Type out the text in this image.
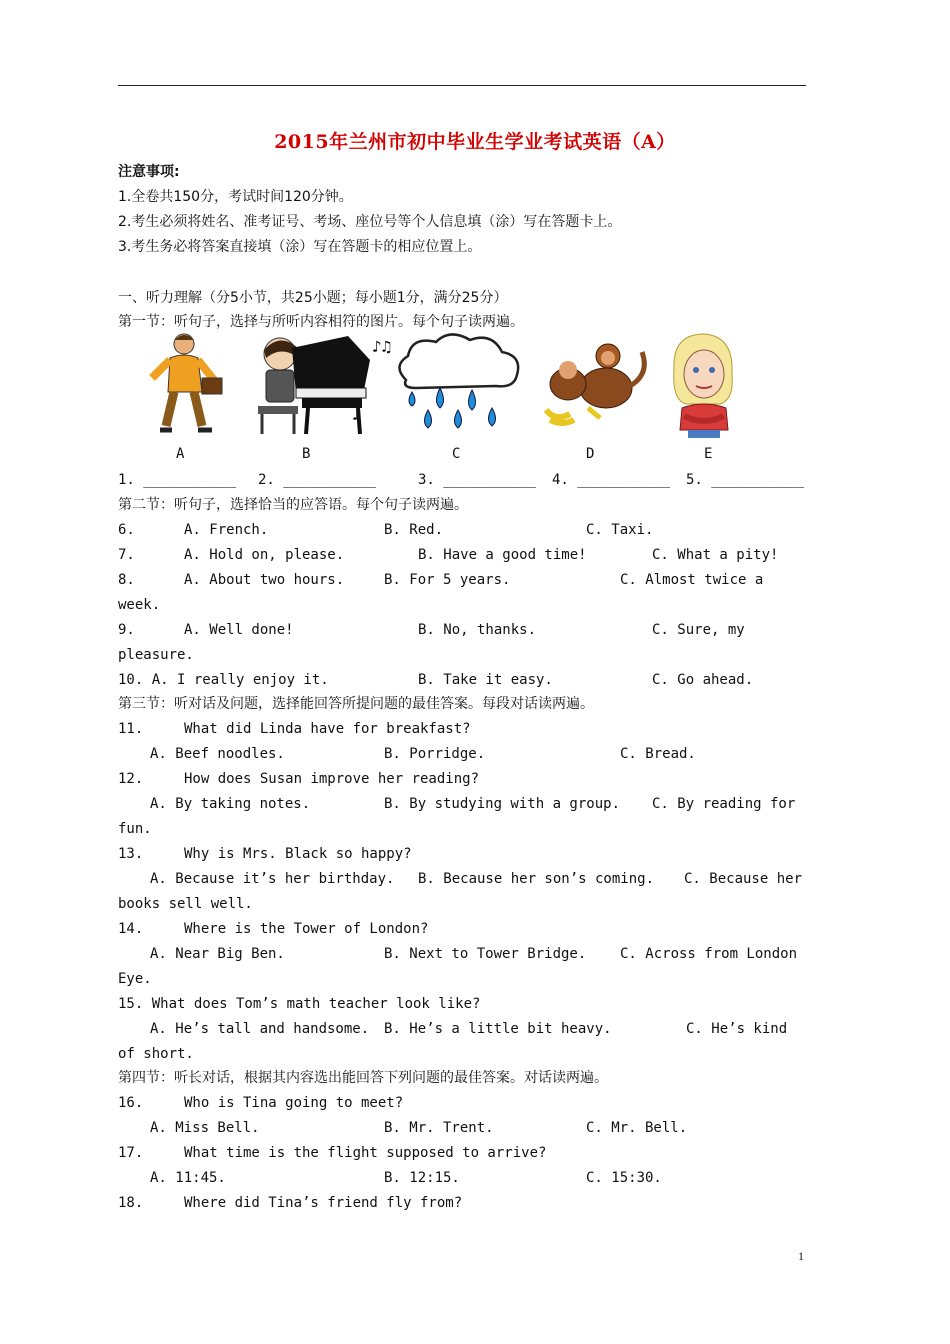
2015年兰州市初中毕业生学业考试英语（A）
注意事项:
1.全卷共150分，考试时间120分钟。
2.考生必须将姓名、准考证号、考场、座位号等个人信息填（涂）写在答题卡上。
3.考生务必将答案直接填（涂）写在答题卡的相应位置上。
一、听力理解（分5小节，共25小题；每小题1分，满分25分）
第一节：听句子，选择与所听内容相符的图片。每个句子读两遍。
♪♫
♪
A	B	C	D	E
1. ___________ 2. ___________	3. ___________ 4. ___________ 5. ___________
第二节：听句子，选择恰当的应答语。每个句子读两遍。
6.	A. French.	B. Red.	C. Taxi.
7.	A. Hold on, please.	B. Have a good time!	C. What a pity!
8.	A. About two hours.	B. For 5 years.	C. Almost twice a
week.
9.	A. Well done!	B. No, thanks.	C. Sure, my
pleasure.
10. A. I really enjoy it.	B. Take it easy.	C. Go ahead.
第三节：听对话及问题，选择能回答所提问题的最佳答案。每段对话读两遍。
11.	What did Linda have for breakfast?
A. Beef noodles.	B. Porridge.	C. Bread.
12.	How does Susan improve her reading?
A. By taking notes.	B. By studying with a group. C. By reading for
fun.
13.	Why is Mrs. Black so happy?
A. Because it’s her birthday. B. Because her son’s coming. C. Because her
books sell well.
14.	Where is the Tower of London?
A. Near Big Ben.	B. Next to Tower Bridge. C. Across from London
Eye.
15. What does Tom’s math teacher look like?
A. He’s tall and handsome. B. He’s a little bit heavy.	C. He’s kind
of short.
第四节：听长对话，根据其内容选出能回答下列问题的最佳答案。对话读两遍。
16.	Who is Tina going to meet?
A. Miss Bell.	B. Mr. Trent.	C. Mr. Bell.
17.	What time is the flight supposed to arrive?
A. 11:45.	B. 12:15.	C. 15:30.
18.	Where did Tina’s friend fly from?
1
